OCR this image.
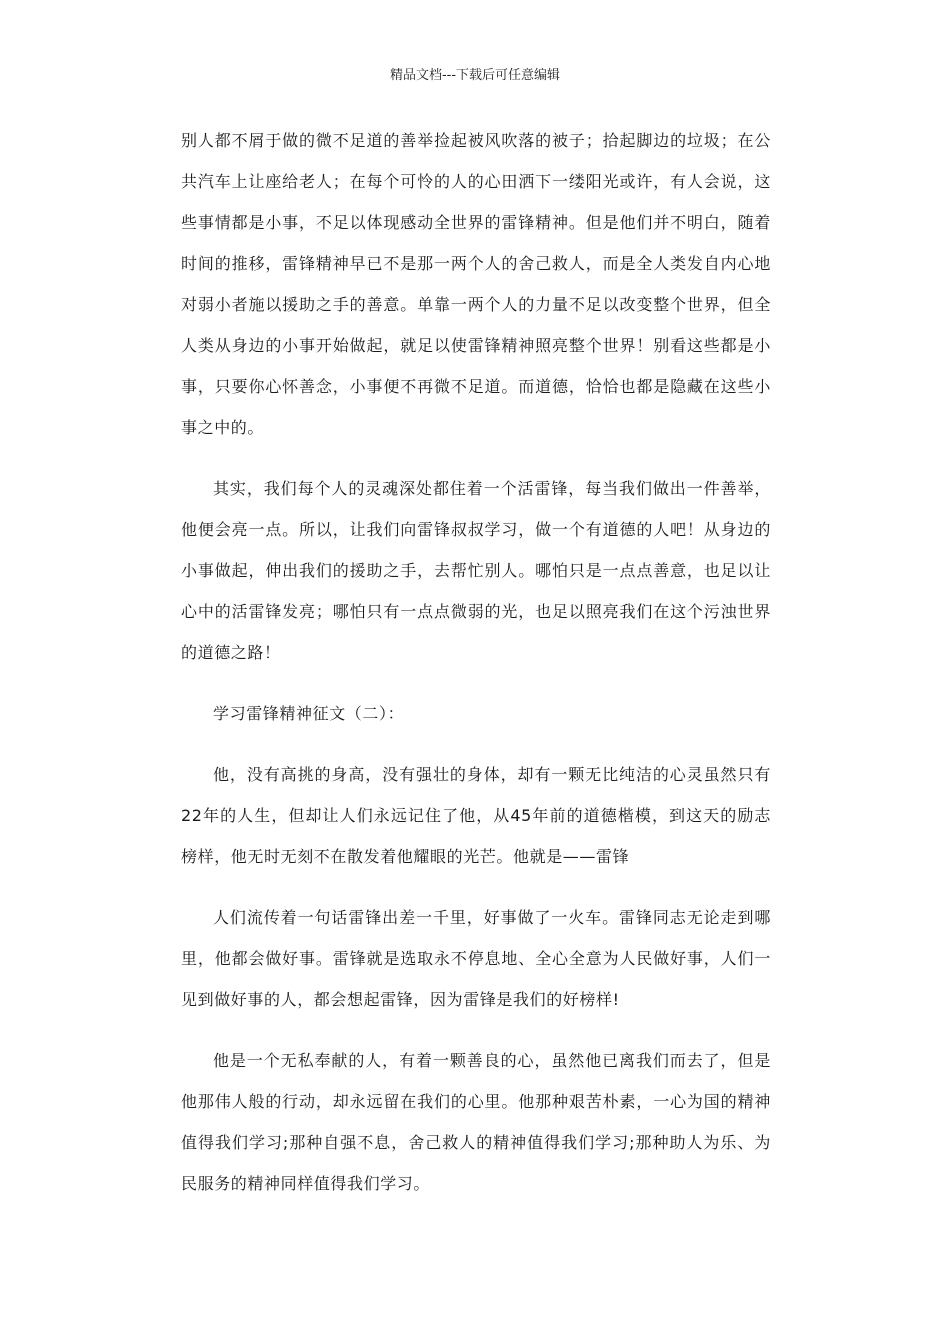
精品文档---下载后可任意编辑

别人都不屑于做的微不足道的善举捡起被风吹落的被子；拾起脚边的垃圾；在公共汽车上让座给老人；在每个可怜的人的心田洒下一缕阳光或许，有人会说，这些事情都是小事，不足以体现感动全世界的雷锋精神。但是他们并不明白，随着时间的推移，雷锋精神早已不是那一两个人的舍己救人，而是全人类发自内心地对弱小者施以援助之手的善意。单靠一两个人的力量不足以改变整个世界，但全人类从身边的小事开始做起，就足以使雷锋精神照亮整个世界！别看这些都是小事，只要你心怀善念，小事便不再微不足道。而道德，恰恰也都是隐藏在这些小事之中的。

其实，我们每个人的灵魂深处都住着一个活雷锋，每当我们做出一件善举，他便会亮一点。所以，让我们向雷锋叔叔学习，做一个有道德的人吧！从身边的小事做起，伸出我们的援助之手，去帮忙别人。哪怕只是一点点善意，也足以让心中的活雷锋发亮；哪怕只有一点点微弱的光，也足以照亮我们在这个污浊世界的道德之路！

学习雷锋精神征文（二）：

他，没有高挑的身高，没有强壮的身体，却有一颗无比纯洁的心灵虽然只有22年的人生，但却让人们永远记住了他，从45年前的道德楷模，到这天的励志榜样，他无时无刻不在散发着他耀眼的光芒。他就是——雷锋

人们流传着一句话雷锋出差一千里，好事做了一火车。雷锋同志无论走到哪里，他都会做好事。雷锋就是选取永不停息地、全心全意为人民做好事，人们一见到做好事的人，都会想起雷锋，因为雷锋是我们的好榜样!

他是一个无私奉献的人，有着一颗善良的心，虽然他已离我们而去了，但是他那伟人般的行动，却永远留在我们的心里。他那种艰苦朴素，一心为国的精神值得我们学习;那种自强不息，舍己救人的精神值得我们学习;那种助人为乐、为民服务的精神同样值得我们学习。
